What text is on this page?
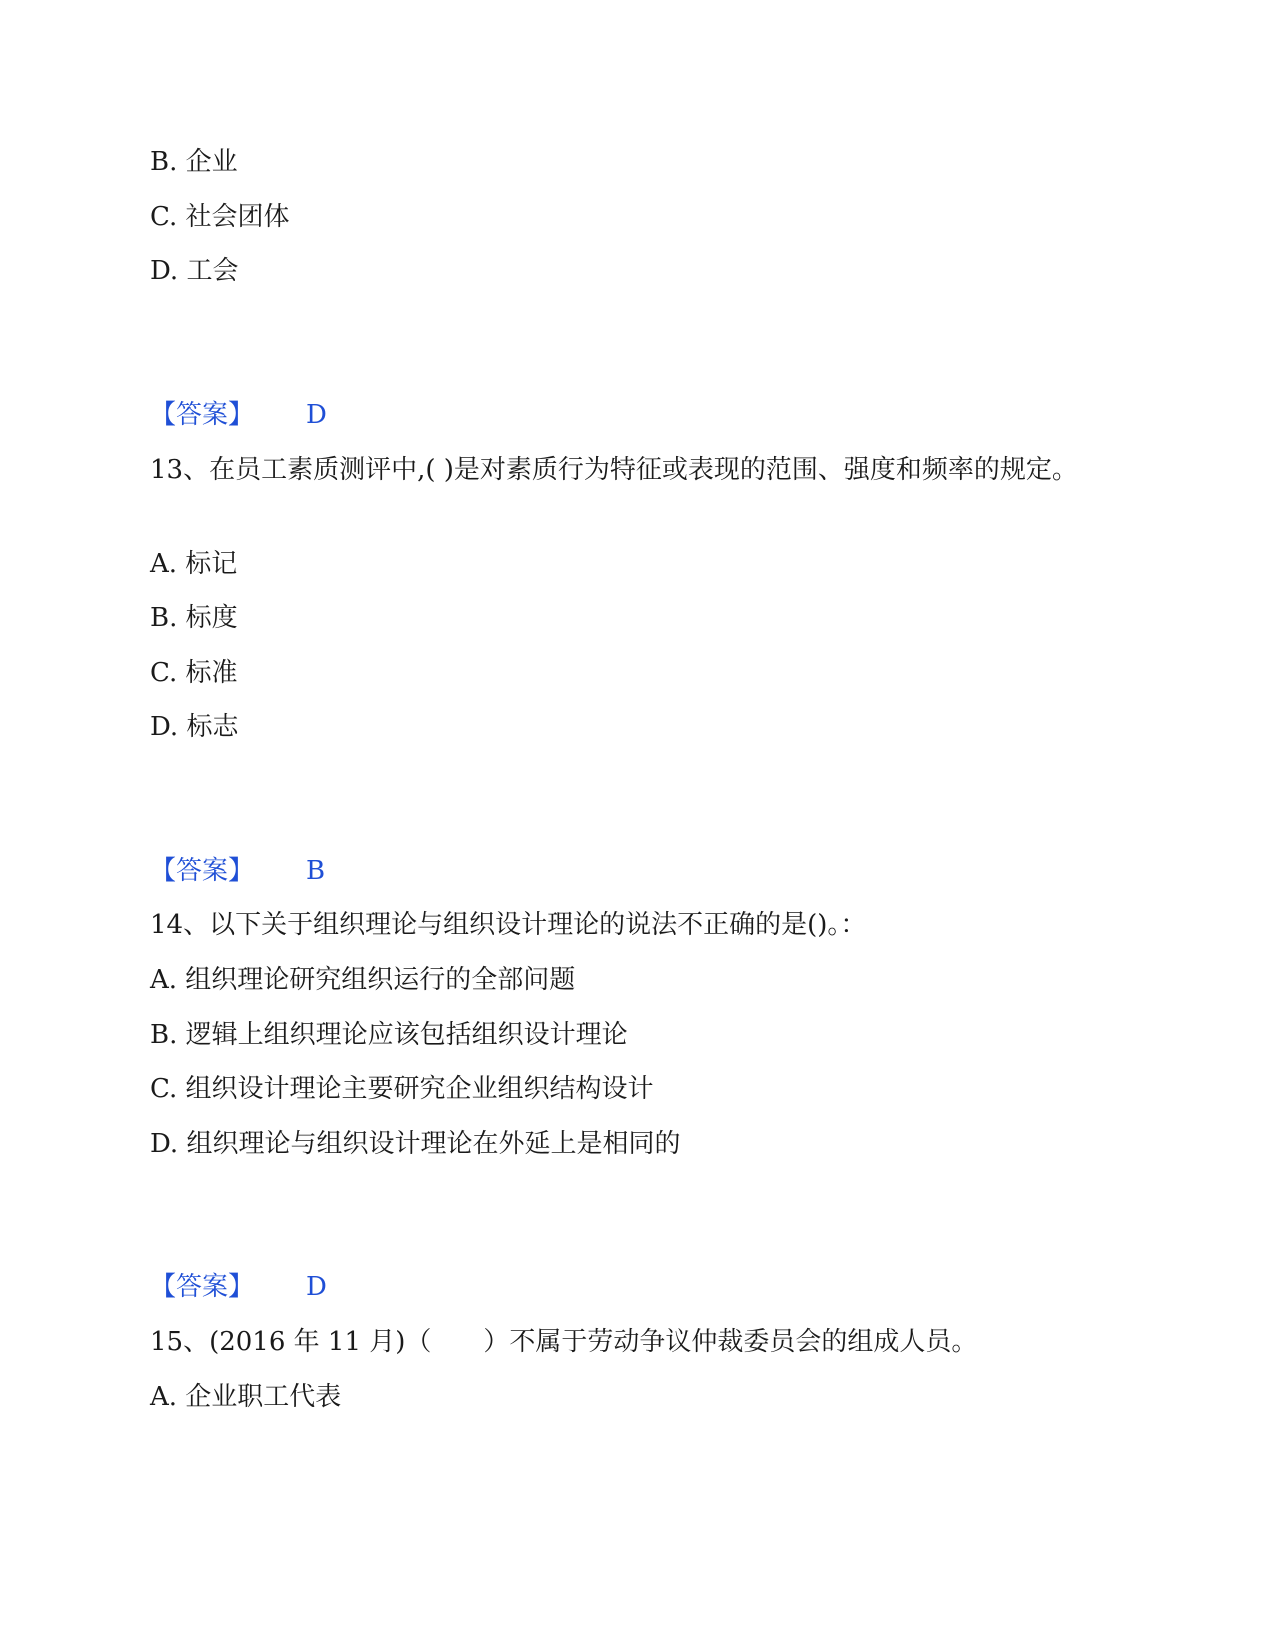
B. 企业
C. 社会团体
D. 工会
【答案】 D
13、在员工素质测评中,( )是对素质行为特征或表现的范围、强度和频率的规定。
A. 标记
B. 标度
C. 标准
D. 标志
【答案】 B
14、以下关于组织理论与组织设计理论的说法不正确的是()。：
A. 组织理论研究组织运行的全部问题
B. 逻辑上组织理论应该包括组织设计理论
C. 组织设计理论主要研究企业组织结构设计
D. 组织理论与组织设计理论在外延上是相同的
【答案】 D
15、(2016 年 11 月)（　　）不属于劳动争议仲裁委员会的组成人员。
A. 企业职工代表
